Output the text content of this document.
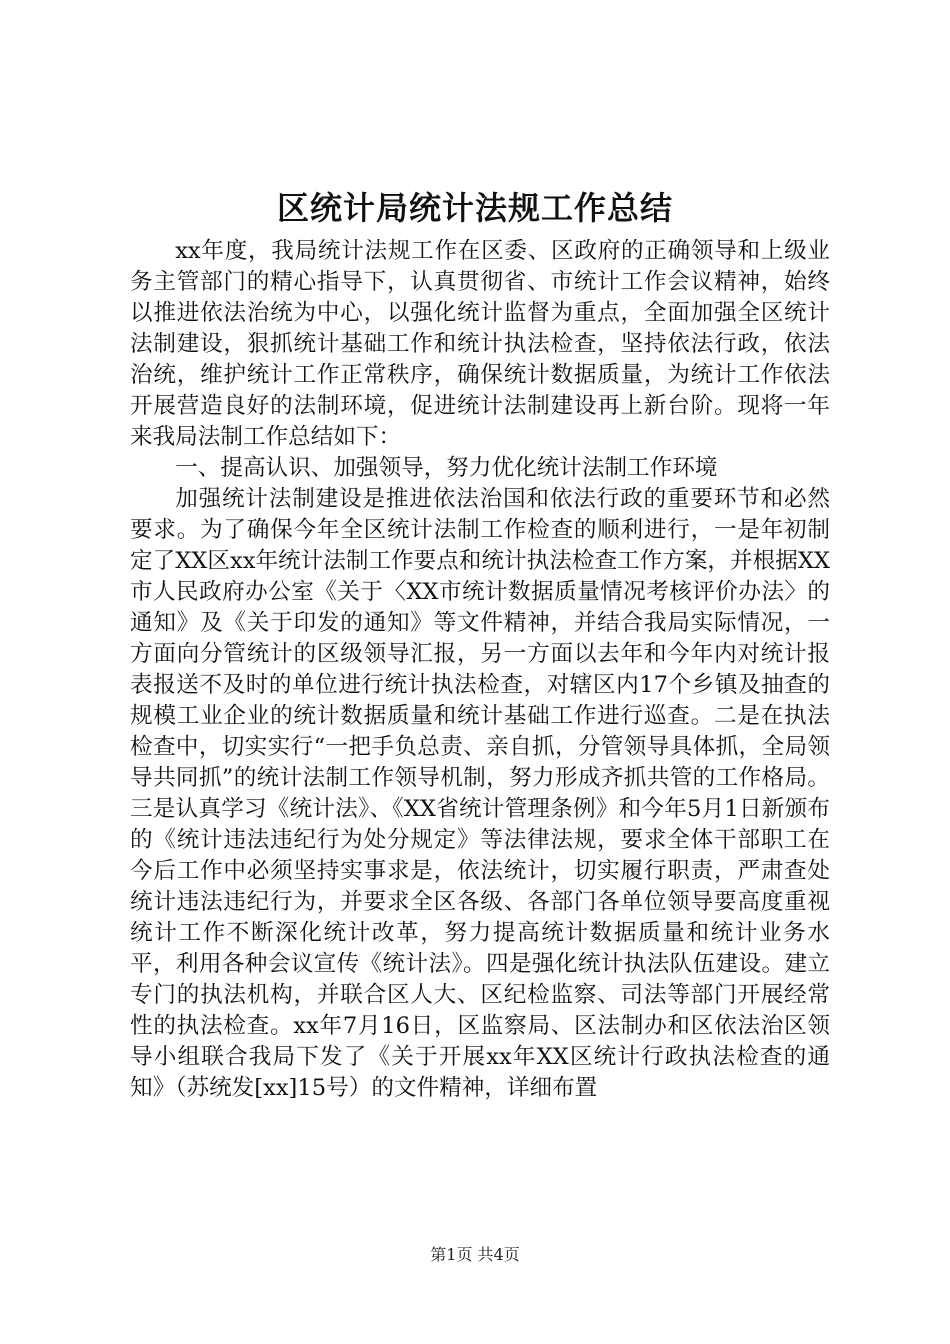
区统计局统计法规工作总结

xx年度，我局统计法规工作在区委、区政府的正确领导和上级业务主管部门的精心指导下，认真贯彻省、市统计工作会议精神，始终以推进依法治统为中心，以强化统计监督为重点，全面加强全区统计法制建设，狠抓统计基础工作和统计执法检查，坚持依法行政，依法治统，维护统计工作正常秩序，确保统计数据质量，为统计工作依法开展营造良好的法制环境，促进统计法制建设再上新台阶。现将一年来我局法制工作总结如下：

一、提高认识、加强领导，努力优化统计法制工作环境

加强统计法制建设是推进依法治国和依法行政的重要环节和必然要求。为了确保今年全区统计法制工作检查的顺利进行，一是年初制定了XX区xx年统计法制工作要点和统计执法检查工作方案，并根据XX市人民政府办公室《关于〈XX市统计数据质量情况考核评价办法〉的通知》及《关于印发的通知》等文件精神，并结合我局实际情况，一方面向分管统计的区级领导汇报，另一方面以去年和今年内对统计报表报送不及时的单位进行统计执法检查，对辖区内17个乡镇及抽查的规模工业企业的统计数据质量和统计基础工作进行巡查。二是在执法检查中，切实实行“一把手负总责、亲自抓，分管领导具体抓，全局领导共同抓”的统计法制工作领导机制，努力形成齐抓共管的工作格局。三是认真学习《统计法》、《XX省统计管理条例》和今年5月1日新颁布的《统计违法违纪行为处分规定》等法律法规，要求全体干部职工在今后工作中必须坚持实事求是，依法统计，切实履行职责，严肃查处统计违法违纪行为，并要求全区各级、各部门各单位领导要高度重视统计工作不断深化统计改革，努力提高统计数据质量和统计业务水平，利用各种会议宣传《统计法》。四是强化统计执法队伍建设。建立专门的执法机构，并联合区人大、区纪检监察、司法等部门开展经常性的执法检查。xx年7月16日，区监察局、区法制办和区依法治区领导小组联合我局下发了《关于开展xx年XX区统计行政执法检查的通知》（苏统发[xx]15号）的文件精神，详细布置

第1页 共4页
